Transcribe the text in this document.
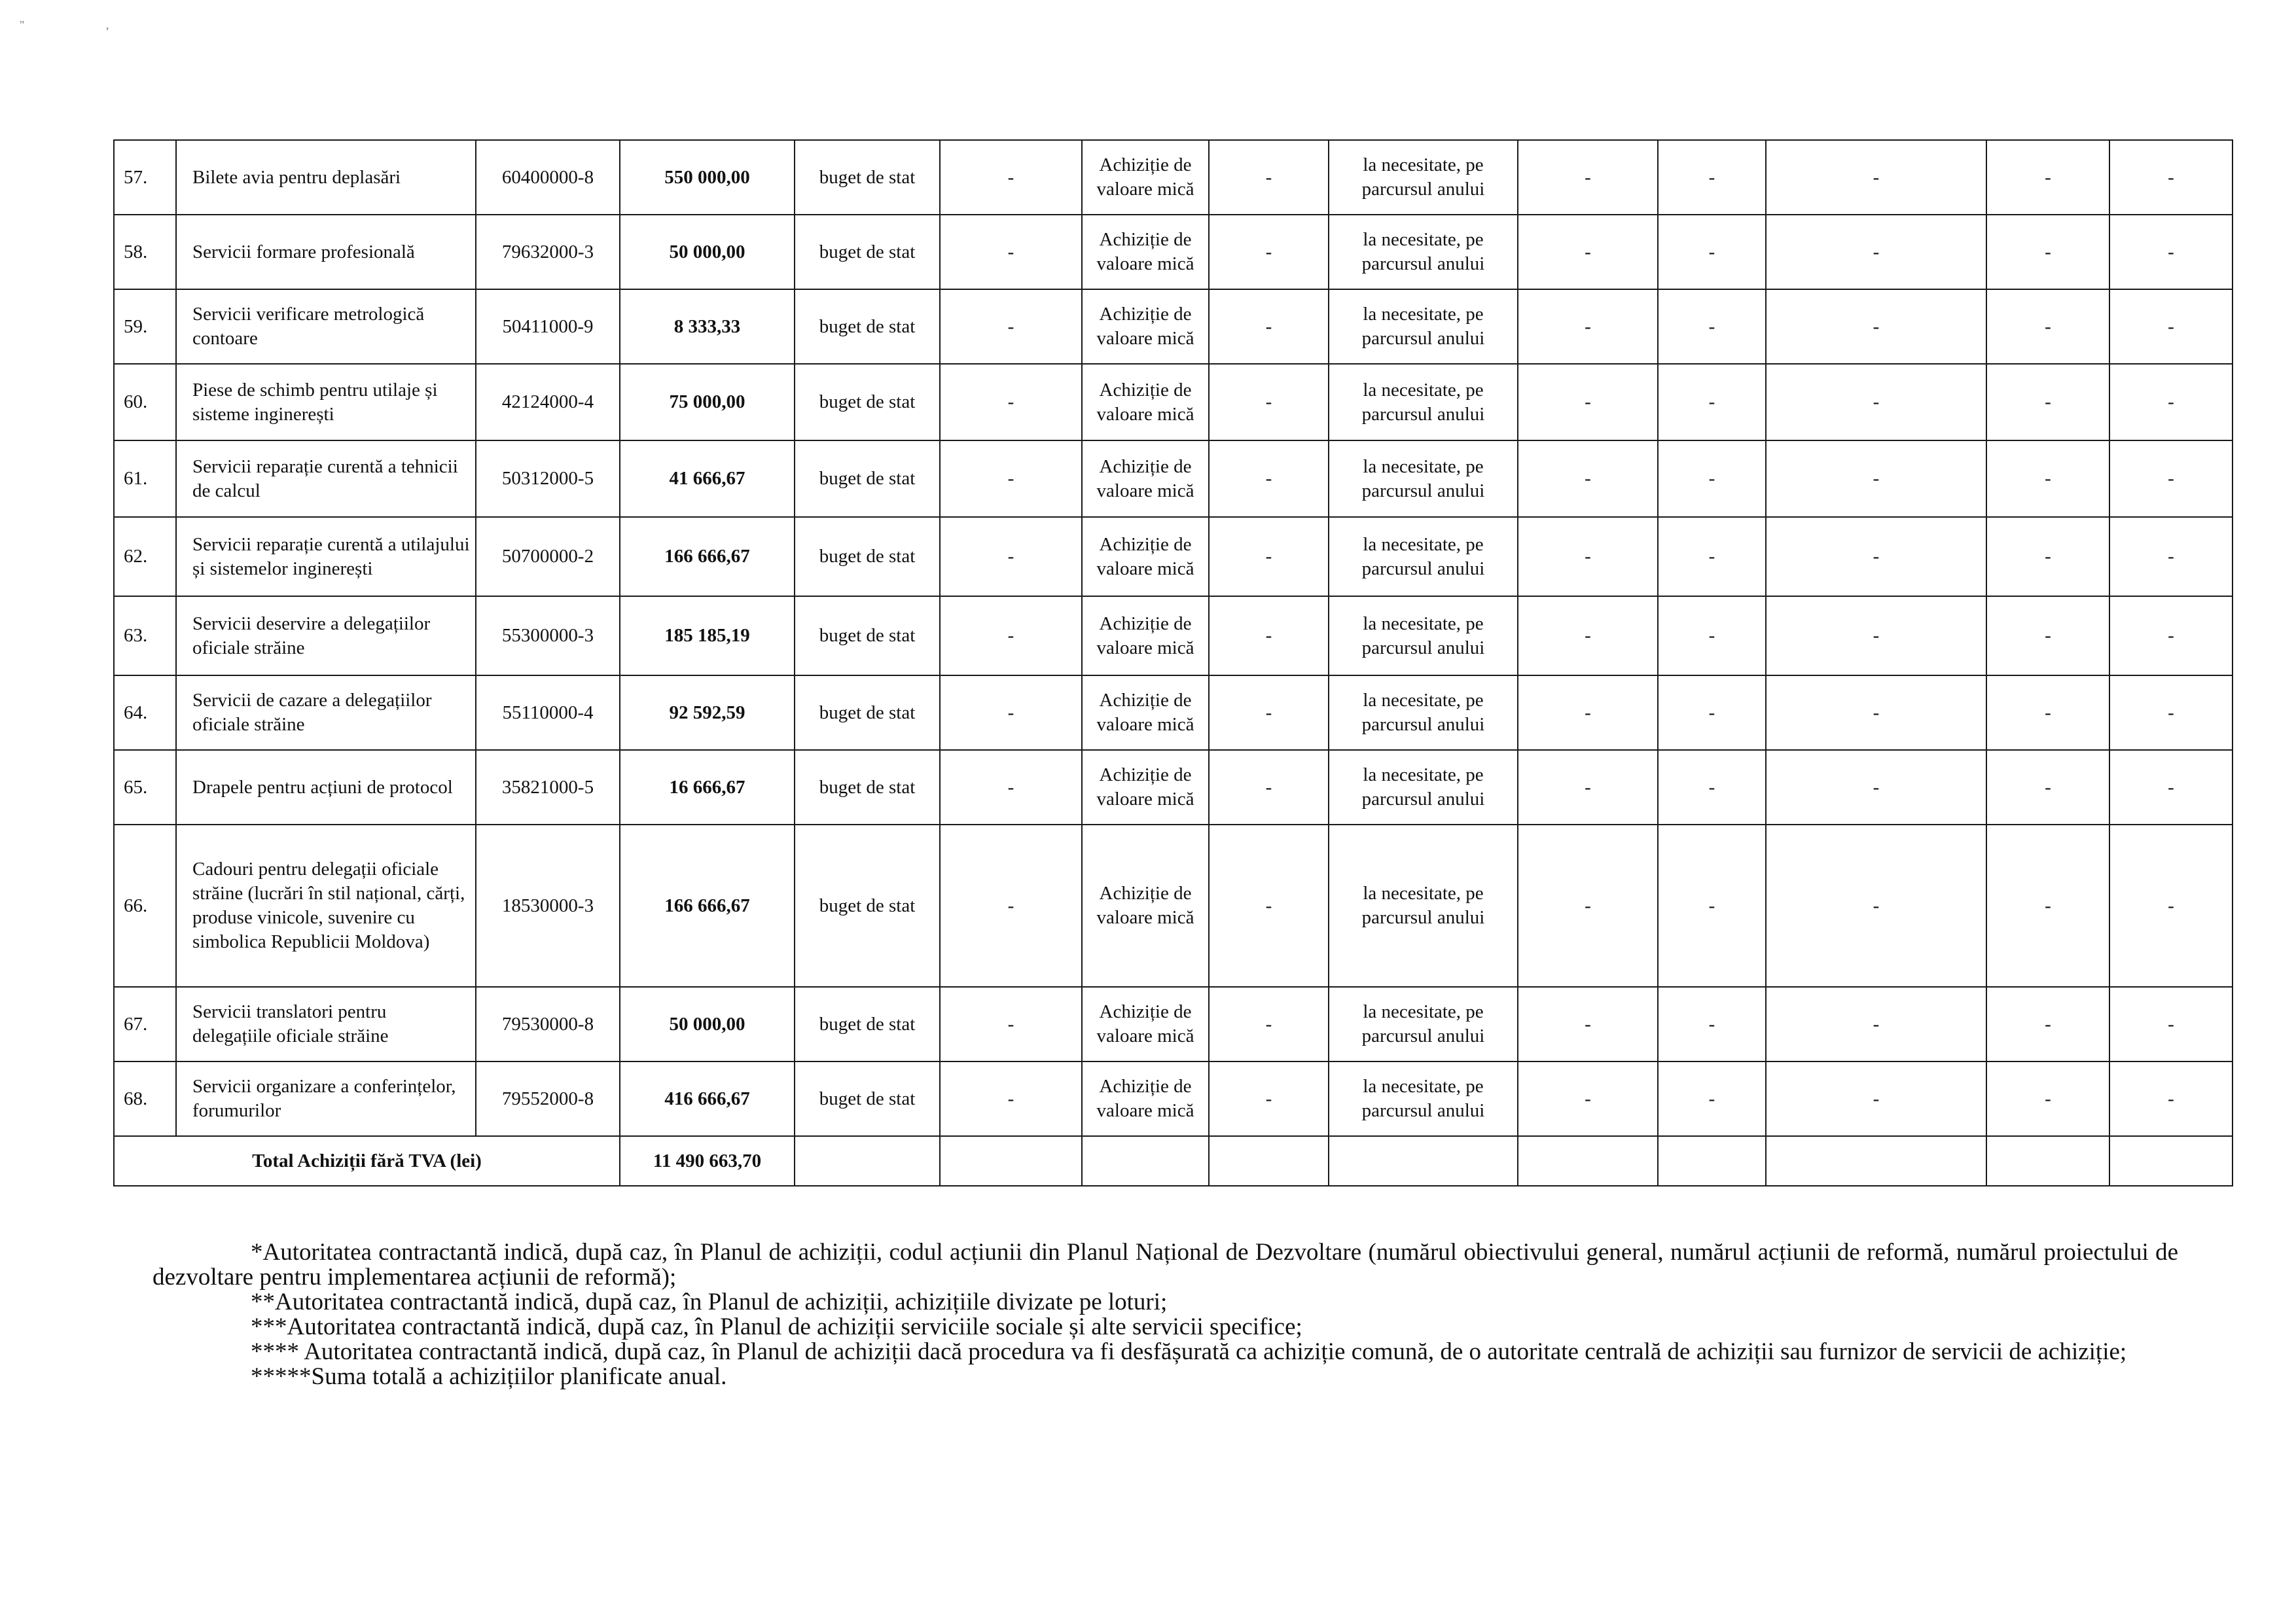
" ,
57.	Bilete avia pentru deplasări	60400000-8	550 000,00	buget de stat	-	Achiziție de valoare mică	-	la necesitate, pe parcursul anului	-	-	-	-	-
58.	Servicii formare profesională	79632000-3	50 000,00	buget de stat	-	Achiziție de valoare mică	-	la necesitate, pe parcursul anului	-	-	-	-	-
59.	Servicii verificare metrologică contoare	50411000-9	8 333,33	buget de stat	-	Achiziție de valoare mică	-	la necesitate, pe parcursul anului	-	-	-	-	-
60.	Piese de schimb pentru utilaje și sisteme inginerești	42124000-4	75 000,00	buget de stat	-	Achiziție de valoare mică	-	la necesitate, pe parcursul anului	-	-	-	-	-
61.	Servicii reparație curentă a tehnicii de calcul	50312000-5	41 666,67	buget de stat	-	Achiziție de valoare mică	-	la necesitate, pe parcursul anului	-	-	-	-	-
62.	Servicii reparație curentă a utilajului și sistemelor inginerești	50700000-2	166 666,67	buget de stat	-	Achiziție de valoare mică	-	la necesitate, pe parcursul anului	-	-	-	-	-
63.	Servicii deservire a delegațiilor oficiale străine	55300000-3	185 185,19	buget de stat	-	Achiziție de valoare mică	-	la necesitate, pe parcursul anului	-	-	-	-	-
64.	Servicii de cazare a delegațiilor oficiale străine	55110000-4	92 592,59	buget de stat	-	Achiziție de valoare mică	-	la necesitate, pe parcursul anului	-	-	-	-	-
65.	Drapele pentru acțiuni de protocol	35821000-5	16 666,67	buget de stat	-	Achiziție de valoare mică	-	la necesitate, pe parcursul anului	-	-	-	-	-
66.	Cadouri pentru delegații oficiale străine (lucrări în stil național, cărți, produse vinicole, suvenire cu simbolica Republicii Moldova)	18530000-3	166 666,67	buget de stat	-	Achiziție de valoare mică	-	la necesitate, pe parcursul anului	-	-	-	-	-
67.	Servicii translatori pentru delegațiile oficiale străine	79530000-8	50 000,00	buget de stat	-	Achiziție de valoare mică	-	la necesitate, pe parcursul anului	-	-	-	-	-
68.	Servicii organizare a conferințelor, forumurilor	79552000-8	416 666,67	buget de stat	-	Achiziție de valoare mică	-	la necesitate, pe parcursul anului	-	-	-	-	-
Total Achiziții fără TVA (lei)			11 490 663,70										

*Autoritatea contractantă indică, după caz, în Planul de achiziții, codul acțiunii din Planul Național de Dezvoltare (numărul obiectivului general, numărul acțiunii de reformă, numărul proiectului de dezvoltare pentru implementarea acțiunii de reformă);

**Autoritatea contractantă indică, după caz, în Planul de achiziții, achizițiile divizate pe loturi;

***Autoritatea contractantă indică, după caz, în Planul de achiziții serviciile sociale și alte servicii specifice;

**** Autoritatea contractantă indică, după caz, în Planul de achiziții dacă procedura va fi desfășurată ca achiziție comună, de o autoritate centrală de achiziții sau furnizor de servicii de achiziție;

*****Suma totală a achizițiilor planificate anual.
